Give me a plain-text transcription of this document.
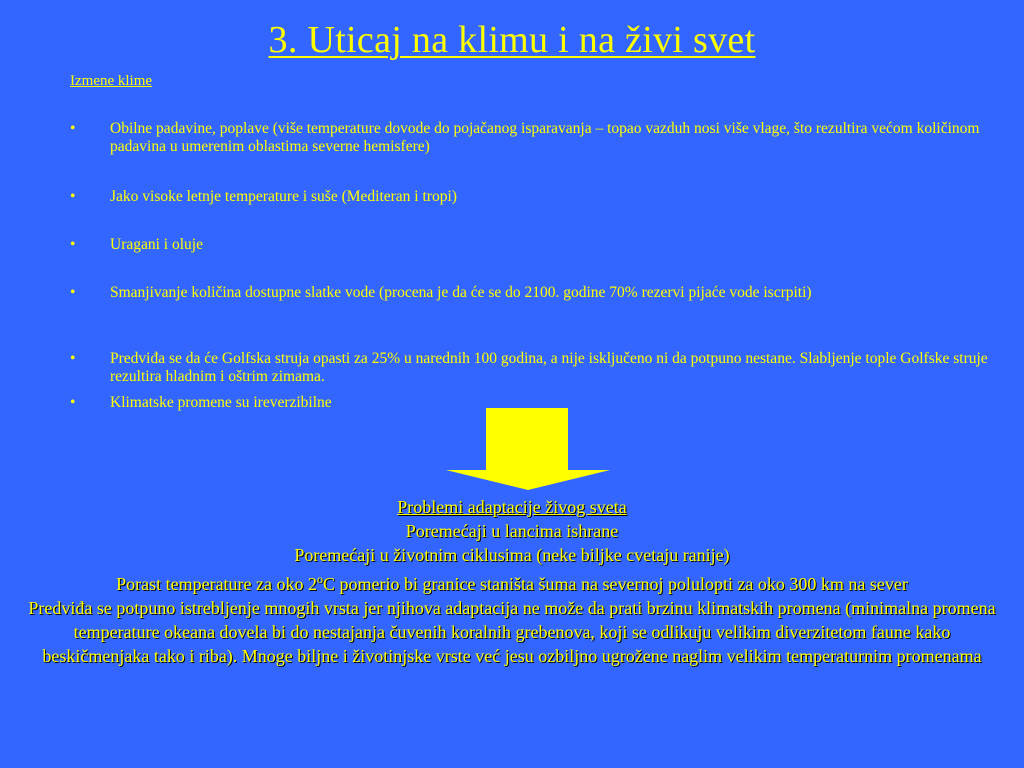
3. Uticaj na klimu i na živi svet
Izmene klime
• Obilne padavine, poplave (više temperature dovode do pojačanog isparavanja – topao vazduh nosi više vlage, što rezultira većom količinom padavina u umerenim oblastima severne hemisfere)
• Jako visoke letnje temperature i suše (Mediteran i tropi)
• Uragani i oluje
• Smanjivanje količina dostupne slatke vode (procena je da će se do 2100. godine 70% rezervi pijaće vode iscrpiti)
• Predviđa se da će Golfska struja opasti za 25% u narednih 100 godina, a nije isključeno ni da potpuno nestane. Slabljenje tople Golfske struje rezultira hladnim i oštrim zimama.
• Klimatske promene su ireverzibilne
Problemi adaptacije živog sveta
Poremećaji u lancima ishrane
Poremećaji u životnim ciklusima (neke biljke cvetaju ranije)
Porast temperature za oko 2$^o$C pomerio bi granice staništa šuma na severnoj polulopti za oko 300 km na sever
Predviđa se potpuno istrebljenje mnogih vrsta jer njihova adaptacija ne može da prati brzinu klimatskih promena (minimalna promena temperature okeana dovela bi do nestajanja čuvenih koralnih grebenova, koji se odlikuju velikim diverzitetom faune kako beskičmenjaka tako i riba). Mnoge biljne i životinjske vrste već jesu ozbiljno ugrožene naglim velikim temperaturnim promenama
